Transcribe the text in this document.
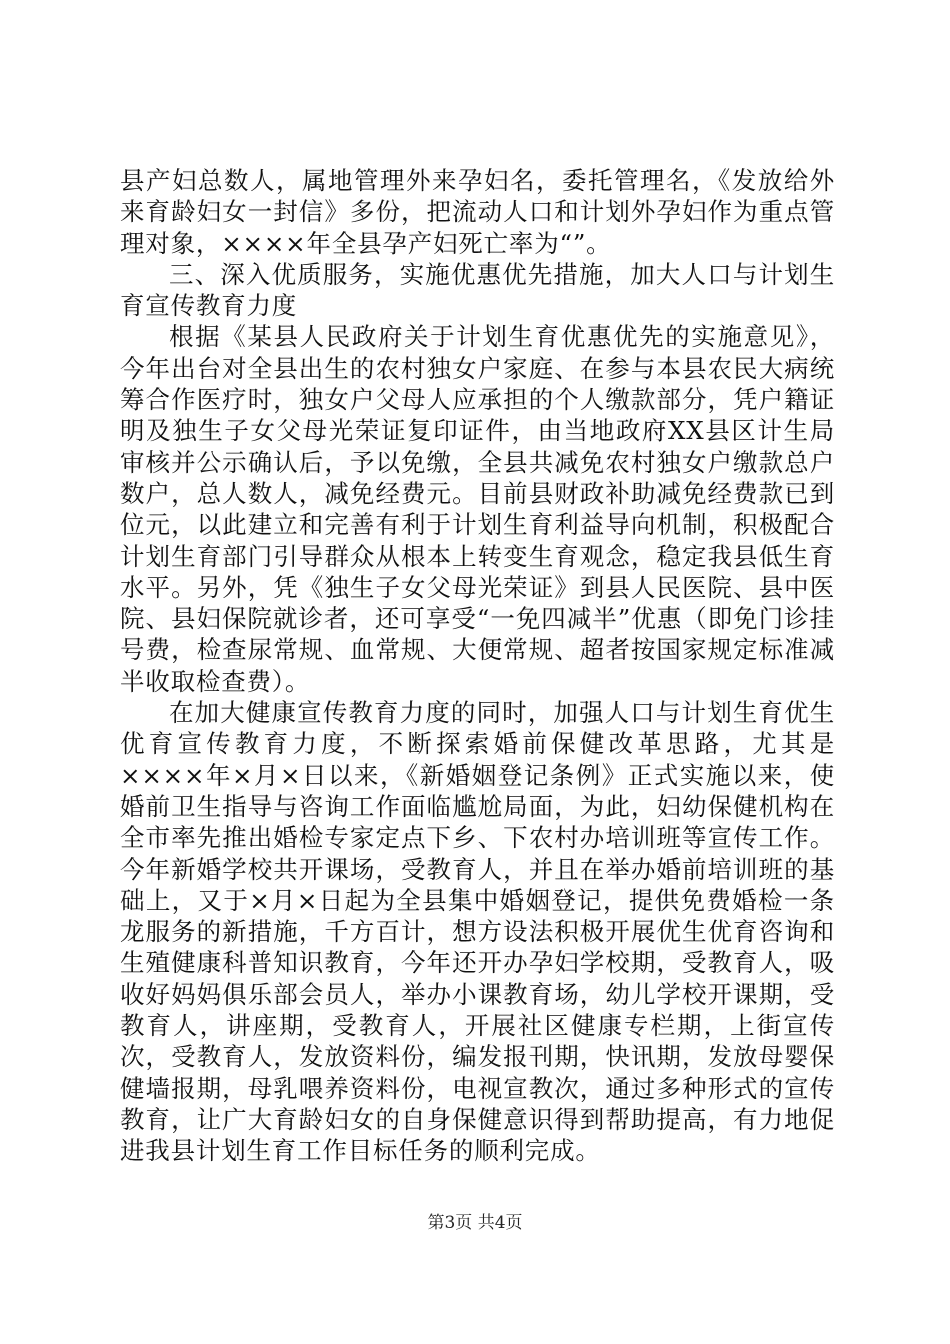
县产妇总数人，属地管理外来孕妇名，委托管理名，《发放给外来育龄妇女一封信》多份，把流动人口和计划外孕妇作为重点管理对象，××××年全县孕产妇死亡率为“”。

三、深入优质服务，实施优惠优先措施，加大人口与计划生育宣传教育力度

根据《某县人民政府关于计划生育优惠优先的实施意见》，今年出台对全县出生的农村独女户家庭、在参与本县农民大病统筹合作医疗时，独女户父母人应承担的个人缴款部分，凭户籍证明及独生子女父母光荣证复印证件，由当地政府XX县区计生局审核并公示确认后，予以免缴，全县共减免农村独女户缴款总户数户，总人数人，减免经费元。目前县财政补助减免经费款已到位元，以此建立和完善有利于计划生育利益导向机制，积极配合计划生育部门引导群众从根本上转变生育观念，稳定我县低生育水平。另外，凭《独生子女父母光荣证》到县人民医院、县中医院、县妇保院就诊者，还可享受“一免四减半”优惠（即免门诊挂号费，检查尿常规、血常规、大便常规、超者按国家规定标准减半收取检查费）。

在加大健康宣传教育力度的同时，加强人口与计划生育优生优育宣传教育力度，不断探索婚前保健改革思路，尤其是××××年×月×日以来，《新婚姻登记条例》正式实施以来，使婚前卫生指导与咨询工作面临尴尬局面，为此，妇幼保健机构在全市率先推出婚检专家定点下乡、下农村办培训班等宣传工作。今年新婚学校共开课场，受教育人，并且在举办婚前培训班的基础上，又于×月×日起为全县集中婚姻登记，提供免费婚检一条龙服务的新措施，千方百计，想方设法积极开展优生优育咨询和生殖健康科普知识教育，今年还开办孕妇学校期，受教育人，吸收好妈妈俱乐部会员人，举办小课教育场，幼儿学校开课期，受教育人，讲座期，受教育人，开展社区健康专栏期，上街宣传次，受教育人，发放资料份，编发报刊期，快讯期，发放母婴保健墙报期，母乳喂养资料份，电视宣教次，通过多种形式的宣传教育，让广大育龄妇女的自身保健意识得到帮助提高，有力地促进我县计划生育工作目标任务的顺利完成。

第3页 共4页
